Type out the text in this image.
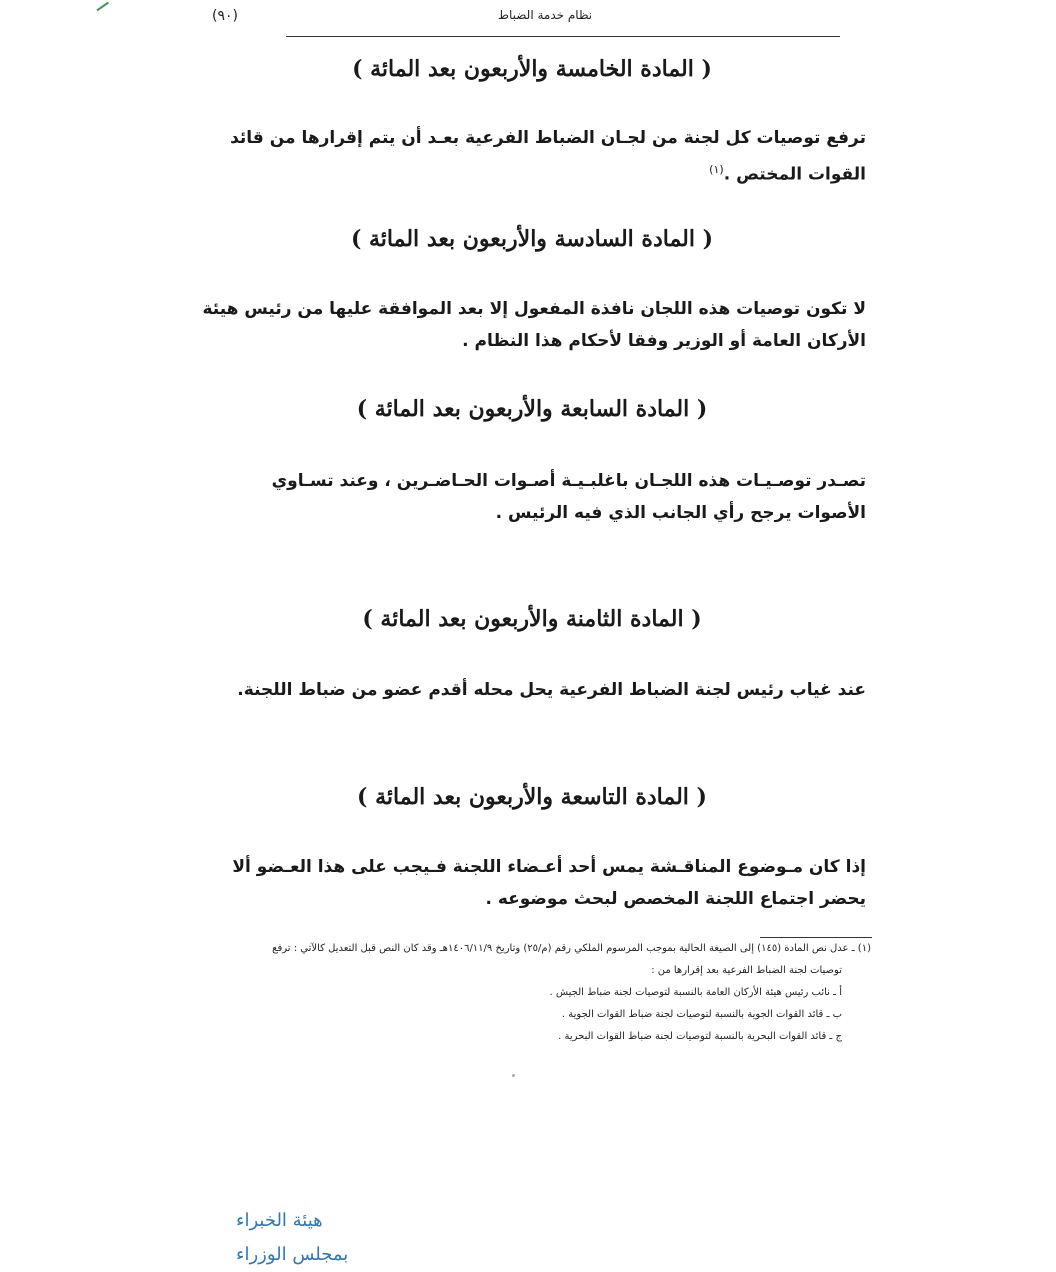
نظام خدمة الضباط
(٩٠)
( المادة الخامسة والأربعون بعد المائة )
ترفع توصيات كل لجنة من لجـان الضباط الفرعية بعـد أن يتم إقرارها من قائد
القوات المختص .$^{(١)}$
( المادة السادسة والأربعون بعد المائة )
لا تكون توصيات هذه اللجان نافذة المفعول إلا بعد الموافقة عليها من رئيس هيئة
الأركان العامة أو الوزير وفقا لأحكام هذا النظام .
( المادة السابعة والأربعون بعد المائة )
تصـدر توصـيـات هذه اللجـان باغلبـيـة أصـوات الحـاضـرين ، وعند تسـاوي
الأصوات يرجح رأي الجانب الذي فيه الرئيس .
( المادة الثامنة والأربعون بعد المائة )
عند غياب رئيس لجنة الضباط الفرعية يحل محله أقدم عضو من ضباط اللجنة.
( المادة التاسعة والأربعون بعد المائة )
إذا كان مـوضوع المناقـشة يمس أحد أعـضاء اللجنة فـيجب على هذا العـضو ألا
يحضر اجتماع اللجنة المخصص لبحث موضوعه .
(١) ـ عدل نص المادة (١٤٥) إلى الصيغة الحالية بموجب المرسوم الملكي رقم (م/٢٥) وتاريخ ١٤٠٦/١١/٩هـ وقد كان النص قبل التعديل كالآتي : ترفع
توصيات لجنة الضباط الفرعية بعد إقرارها من :
أ ـ نائب رئيس هيئة الأركان العامة بالنسبة لتوصيات لجنة ضباط الجيش .
ب ـ قائد القوات الجوية بالنسبة لتوصيات لجنة ضباط القوات الجوية .
ج ـ قائد القوات البحرية بالنسبة لتوصيات لجنة ضباط القوات البحرية .
هيئة الخبراء بمجلس الوزراء
